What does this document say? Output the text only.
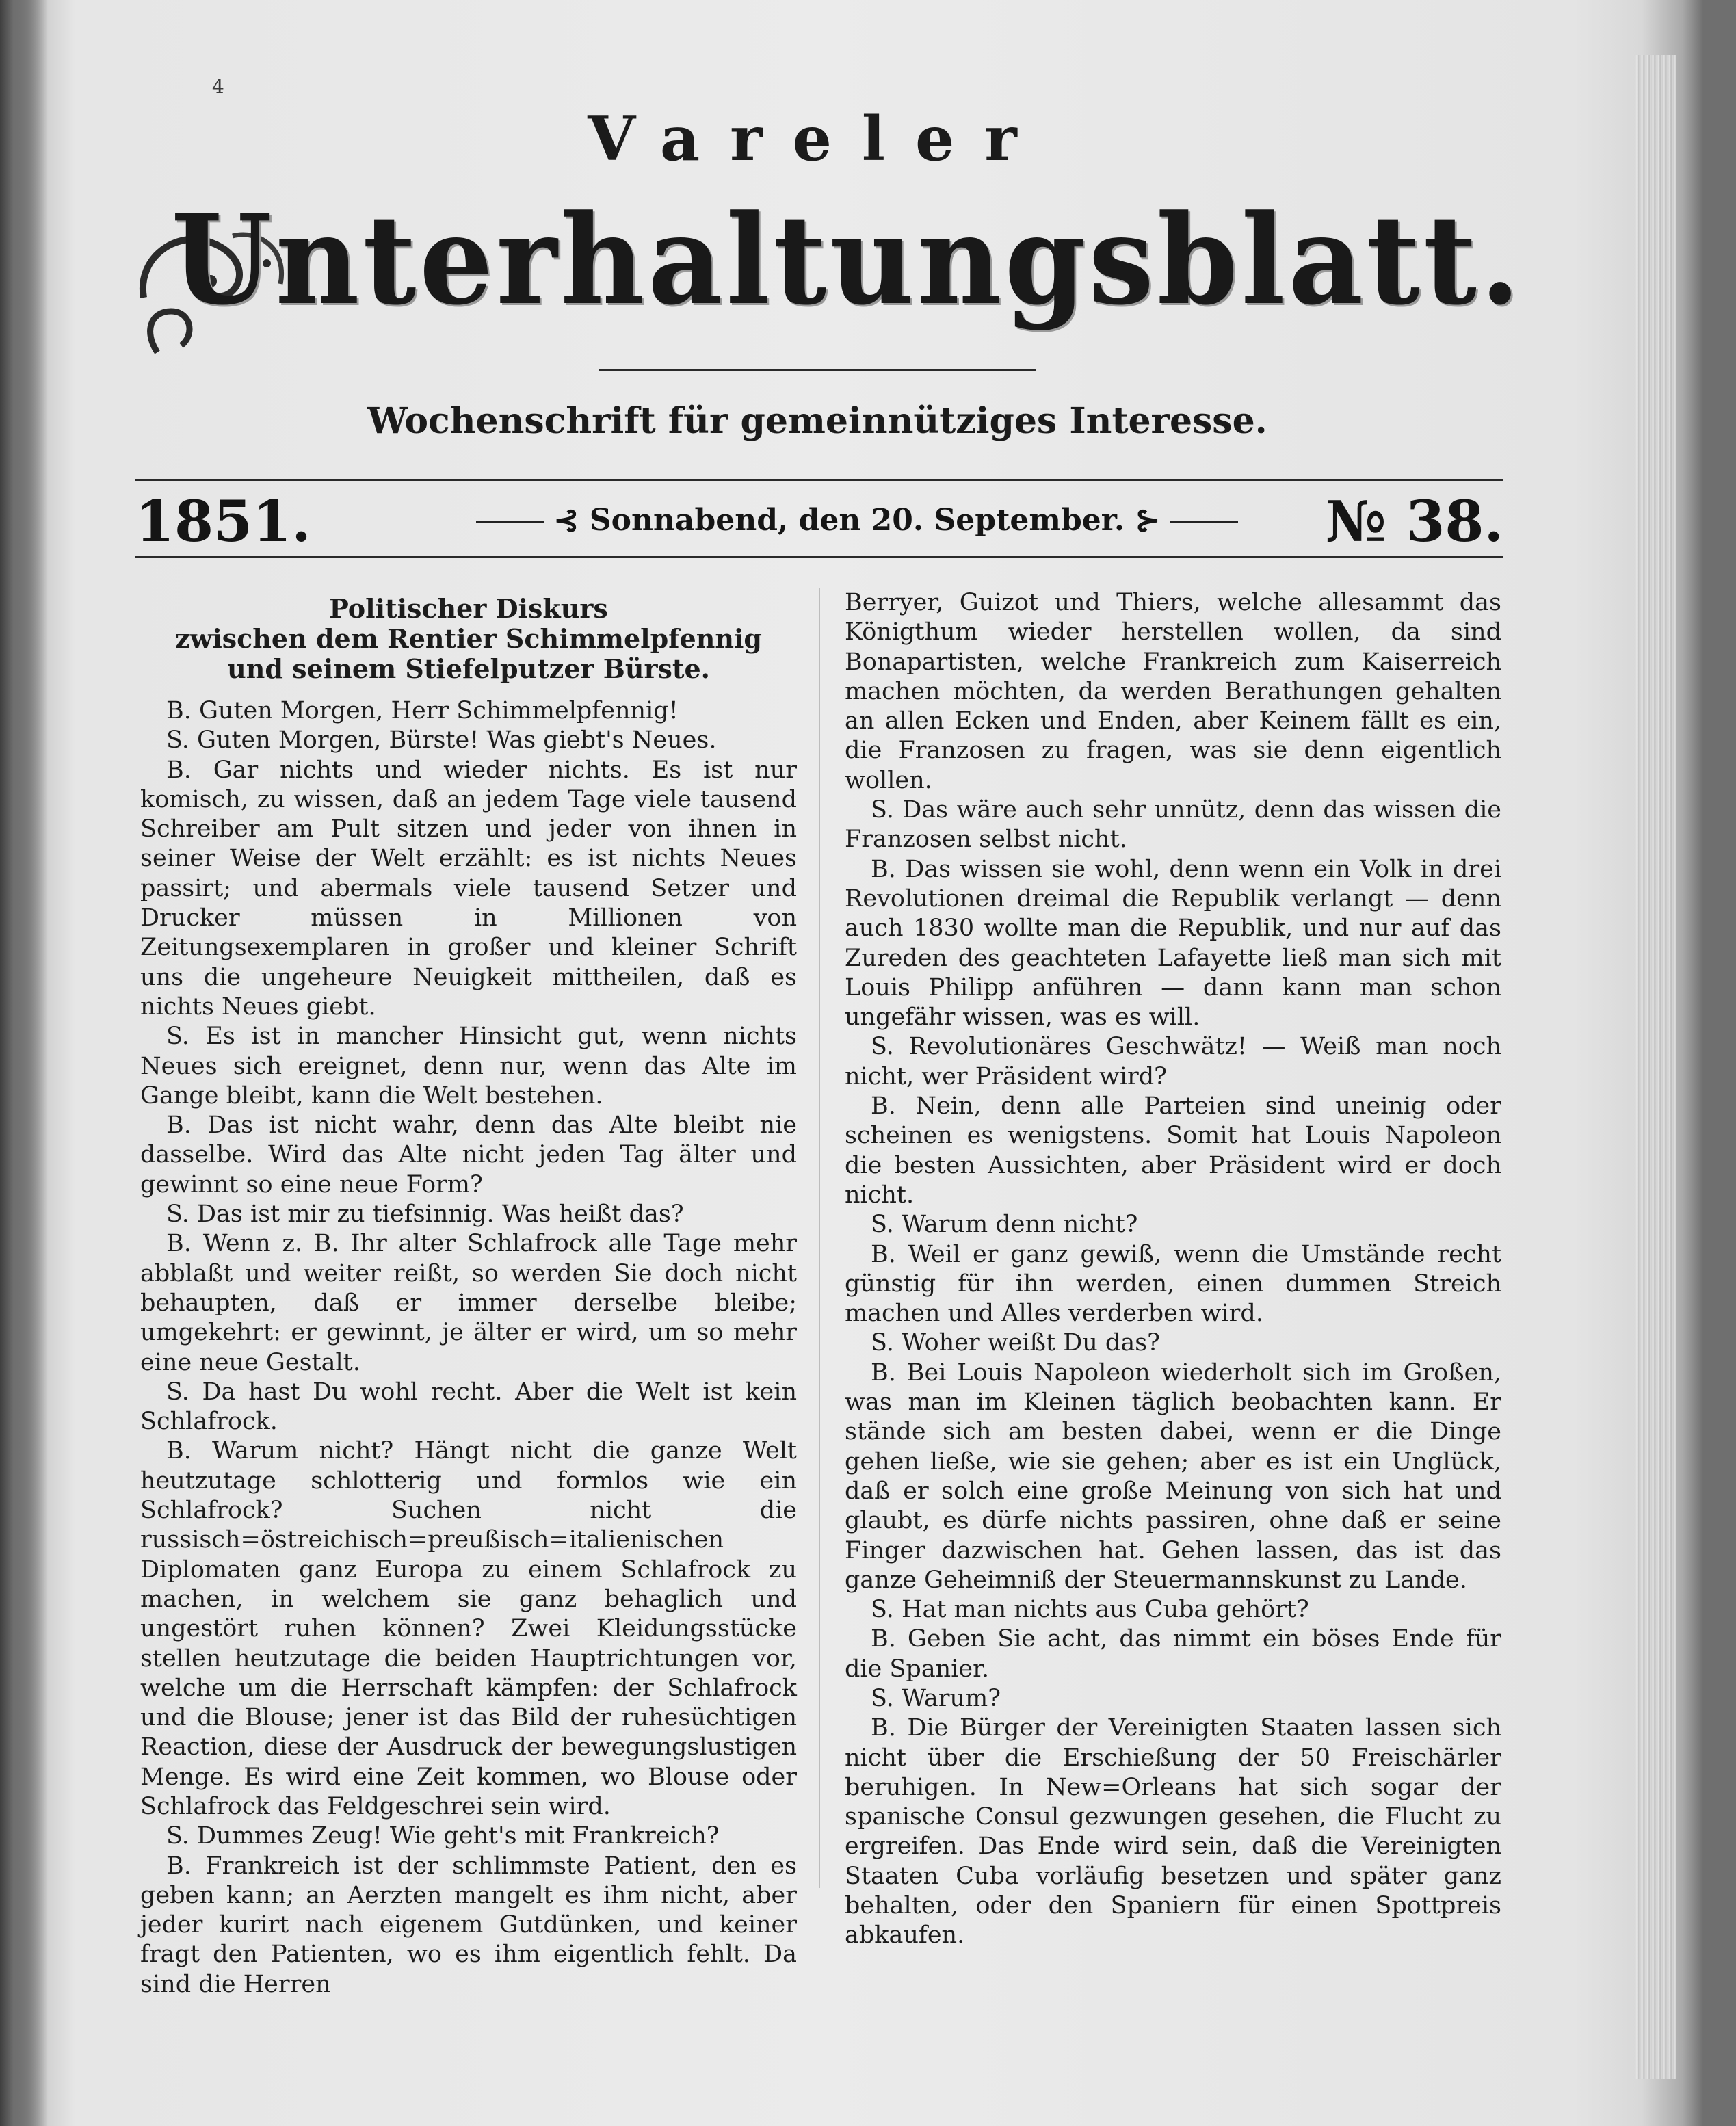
4
Vareler
Unterhaltungsblatt.
Wochenschrift für gemeinnütziges Interesse.
1851.	⊰ Sonnabend, den 20. September. ⊱	№ 38.
Politischer Diskurs
zwischen dem Rentier Schimmelpfennig
und seinem Stiefelputzer Bürste.

B. Guten Morgen, Herr Schimmelpfennig!

S. Guten Morgen, Bürste! Was giebt's Neues.

B. Gar nichts und wieder nichts. Es ist nur komisch, zu wissen, daß an jedem Tage viele tausend Schreiber am Pult sitzen und jeder von ihnen in seiner Weise der Welt erzählt: es ist nichts Neues passirt; und abermals viele tausend Setzer und Drucker müssen in Millionen von Zeitungsexemplaren in großer und kleiner Schrift uns die ungeheure Neuigkeit mittheilen, daß es nichts Neues giebt.

S. Es ist in mancher Hinsicht gut, wenn nichts Neues sich ereignet, denn nur, wenn das Alte im Gange bleibt, kann die Welt bestehen.

B. Das ist nicht wahr, denn das Alte bleibt nie dasselbe. Wird das Alte nicht jeden Tag älter und gewinnt so eine neue Form?

S. Das ist mir zu tiefsinnig. Was heißt das?

B. Wenn z. B. Ihr alter Schlafrock alle Tage mehr abblaßt und weiter reißt, so werden Sie doch nicht behaupten, daß er immer derselbe bleibe; umgekehrt: er gewinnt, je älter er wird, um so mehr eine neue Gestalt.

S. Da hast Du wohl recht. Aber die Welt ist kein Schlafrock.

B. Warum nicht? Hängt nicht die ganze Welt heutzutage schlotterig und formlos wie ein Schlafrock? Suchen nicht die russisch=östreichisch=preußisch=italienischen Diplomaten ganz Europa zu einem Schlafrock zu machen, in welchem sie ganz behaglich und ungestört ruhen können? Zwei Kleidungsstücke stellen heutzutage die beiden Hauptrichtungen vor, welche um die Herrschaft kämpfen: der Schlafrock und die Blouse; jener ist das Bild der ruhesüchtigen Reaction, diese der Ausdruck der bewegungslustigen Menge. Es wird eine Zeit kommen, wo Blouse oder Schlafrock das Feldgeschrei sein wird.

S. Dummes Zeug! Wie geht's mit Frankreich?

B. Frankreich ist der schlimmste Patient, den es geben kann; an Aerzten mangelt es ihm nicht, aber jeder kurirt nach eigenem Gutdünken, und keiner fragt den Patienten, wo es ihm eigentlich fehlt. Da sind die Herren

Berryer, Guizot und Thiers, welche allesammt das Königthum wieder herstellen wollen, da sind Bonapartisten, welche Frankreich zum Kaiserreich machen möchten, da werden Berathungen gehalten an allen Ecken und Enden, aber Keinem fällt es ein, die Franzosen zu fragen, was sie denn eigentlich wollen.

S. Das wäre auch sehr unnütz, denn das wissen die Franzosen selbst nicht.

B. Das wissen sie wohl, denn wenn ein Volk in drei Revolutionen dreimal die Republik verlangt — denn auch 1830 wollte man die Republik, und nur auf das Zureden des geachteten Lafayette ließ man sich mit Louis Philipp anführen — dann kann man schon ungefähr wissen, was es will.

S. Revolutionäres Geschwätz! — Weiß man noch nicht, wer Präsident wird?

B. Nein, denn alle Parteien sind uneinig oder scheinen es wenigstens. Somit hat Louis Napoleon die besten Aussichten, aber Präsident wird er doch nicht.

S. Warum denn nicht?

B. Weil er ganz gewiß, wenn die Umstände recht günstig für ihn werden, einen dummen Streich machen und Alles verderben wird.

S. Woher weißt Du das?

B. Bei Louis Napoleon wiederholt sich im Großen, was man im Kleinen täglich beobachten kann. Er stände sich am besten dabei, wenn er die Dinge gehen ließe, wie sie gehen; aber es ist ein Unglück, daß er solch eine große Meinung von sich hat und glaubt, es dürfe nichts passiren, ohne daß er seine Finger dazwischen hat. Gehen lassen, das ist das ganze Geheimniß der Steuermannskunst zu Lande.

S. Hat man nichts aus Cuba gehört?

B. Geben Sie acht, das nimmt ein böses Ende für die Spanier.

S. Warum?

B. Die Bürger der Vereinigten Staaten lassen sich nicht über die Erschießung der 50 Freischärler beruhigen. In New=Orleans hat sich sogar der spanische Consul gezwungen gesehen, die Flucht zu ergreifen. Das Ende wird sein, daß die Vereinigten Staaten Cuba vorläufig besetzen und später ganz behalten, oder den Spaniern für einen Spottpreis abkaufen.
